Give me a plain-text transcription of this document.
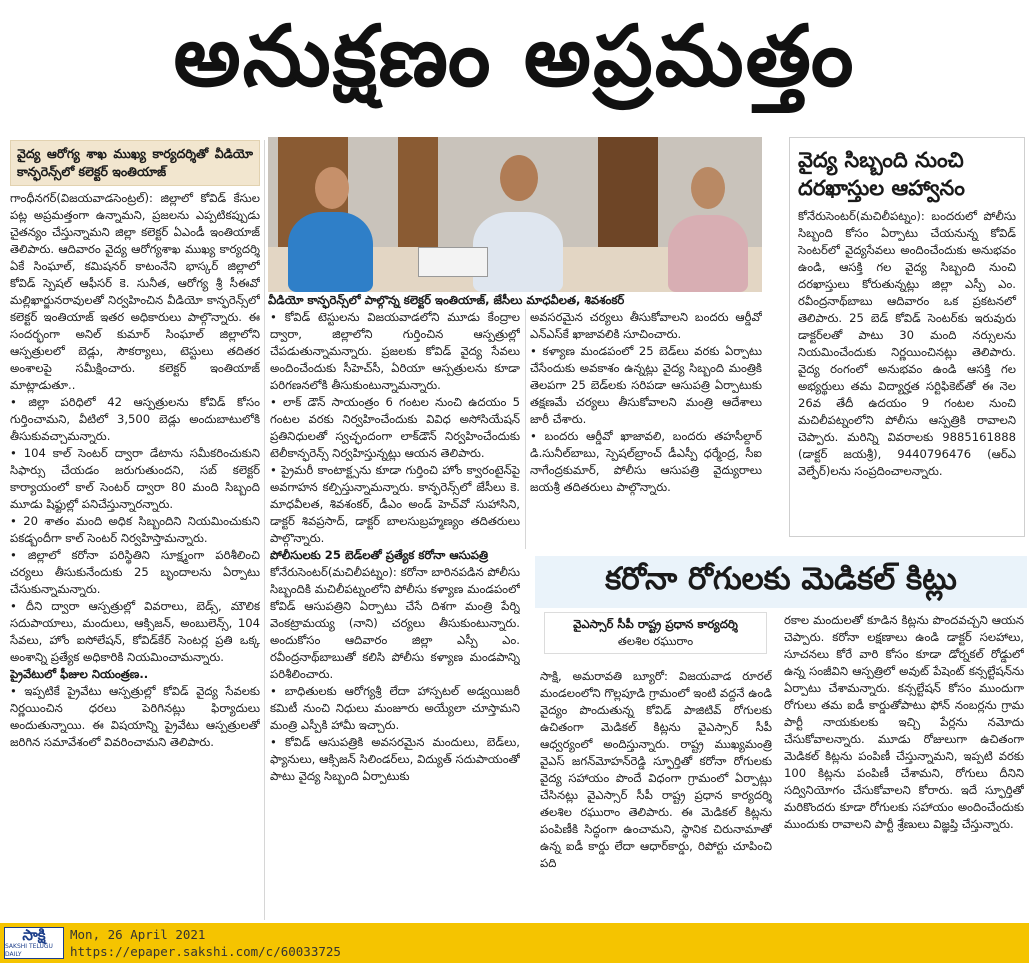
అనుక్షణం అప్రమత్తం
వైద్య ఆరోగ్య శాఖ ముఖ్య కార్యదర్శితో వీడియో కాన్ఫరెన్స్‌లో కలెక్టర్‌ ఇంతియాజ్‌

గాంధీనగర్‌(విజయవాడసెంట్రల్‌): జిల్లాలో కోవిడ్‌ కేసుల పట్ల అప్రమత్తంగా ఉన్నామని, ప్రజలను ఎప్పటికప్పుడు చైతన్యం చేస్తున్నామని జిల్లా కలెక్టర్‌ ఏఎండీ ఇంతియాజ్‌ తెలిపారు. ఆదివారం వైద్య ఆరోగ్యశాఖ ముఖ్య కార్యదర్శి ఏకే సింఘాల్‌, కమిషనర్‌ కాటంనేని భాస్కర్‌ జిల్లాలో కోవిడ్‌ స్పెషల్‌ ఆఫీసర్‌ కె. సునీత, ఆరోగ్య శ్రీ సీఈవో మల్లిఖార్జునరావులతో నిర్వహించిన వీడియో కాన్ఫరెన్స్‌లో కలెక్టర్‌ ఇంతియాజ్‌ ఇతర అధికారులు పాల్గొన్నారు. ఈ సందర్భంగా అనిల్‌ కుమార్‌ సింఘాల్‌ జిల్లాలోని ఆస్పత్రులలో బెడ్లు, సౌకర్యాలు, టెస్టులు తదితర అంశాలపై సమీక్షించారు. కలెక్టర్‌ ఇంతియాజ్‌ మాట్లాడుతూ..

• జిల్లా పరిధిలో 42 ఆస్పత్రులను కోవిడ్‌ కోసం గుర్తించామని, వీటిలో 3,500 బెడ్లు అందుబాటులోకి తీసుకువచ్చామన్నారు.

• 104 కాల్‌ సెంటర్‌ ద్వారా డేటాను సమీకరించుకుని సిఫార్సు చేయడం జరుగుతుందని, సబ్‌ కలెక్టర్‌ కార్యాయంలో కాల్‌ సెంటర్‌ ద్వారా 80 మంది సిబ్బంది మూడు షిఫ్టుల్లో పనిచేస్తున్నారన్నారు.

• 20 శాతం మంది అధిక సిబ్బందిని నియమించుకుని పకడ్బందీగా కాల్‌ సెంటర్‌ నిర్వహిస్తామన్నారు.

• జిల్లాలో కరోనా పరిస్థితిని సూక్ష్మంగా పరిశీలించి చర్యలు తీసుకునేందుకు 25 బృందాలను ఏర్పాటు చేసుకున్నామన్నారు.

• దీని ద్వారా ఆస్పత్రుల్లో వివరాలు, బెడ్స్‌, మౌలిక సదుపాయాలు, మందులు, ఆక్సిజన్‌, అంబులెన్స్‌, 104 సేవలు, హోం ఐసోలేషన్‌, కోవిడ్‌కేర్‌ సెంటర్ల ప్రతి ఒక్క అంశాన్ని ప్రత్యేక అధికారికి నియమించామన్నారు.

ప్రైవేటులో ఫీజుల నియంత్రణ..

• ఇప్పటికే ప్రైవేటు ఆస్పత్రుల్లో కోవిడ్‌ వైద్య సేవలకు నిర్ణయించిన ధరలు పెరిగినట్లు ఫిర్యాదులు అందుతున్నాయి. ఈ విషయాన్ని ప్రైవేటు ఆస్పత్రులతో జరిగిన సమావేశంలో వివరించామని తెలిపారు.

వీడియో కాన్ఫరెన్స్‌లో పాల్గొన్న కలెక్టర్‌ ఇంతియాజ్‌, జేసీలు మాధవీలత, శివశంకర్‌

• కోవిడ్‌ టెస్టులను విజయవాడలోని మూడు కేంద్రాల ద్వారా, జిల్లాలోని గుర్తించిన ఆస్పత్రుల్లో చేపడుతున్నామన్నారు. ప్రజలకు కోవిడ్‌ వైద్య సేవలు అందించేందుకు సీహెచ్‌సీ, ఏరియా ఆస్పత్రులను కూడా పరిగణనలోకి తీసుకుంటున్నామన్నారు.

• లాక్‌ డౌన్‌ సాయంత్రం 6 గంటల నుంచి ఉదయం 5 గంటల వరకు నిర్వహించేందుకు వివిధ అసోసియేషన్‌ ప్రతినిధులతో స్వచ్ఛందంగా లాక్‌డౌన్‌ నిర్వహించేందుకు టెలీకాన్ఫరెన్స్‌ నిర్వహిస్తున్నట్లు ఆయన తెలిపారు.

• ప్రైమరీ కాంటాక్ట్సను కూడా గుర్తించి హోం క్వారంటైన్‌పై అవగాహన కల్పిస్తున్నామన్నారు. కాన్ఫరెన్స్‌లో జేసీలు కె. మాధవీలత, శివశంకర్‌, డీఎం అండ్‌ హెచ్‌వో సుహాసిని, డాక్టర్‌ శివప్రసాద్‌, డాక్టర్‌ బాలసుబ్రహ్మణ్యం తదితరులు పాల్గొన్నారు.

పోలీసులకు 25 బెడ్‌లతో ప్రత్యేక కరోనా ఆసుపత్రి

కోనేరుసెంటర్‌(మచిలీపట్నం): కరోనా బారినపడిన పోలీసు సిబ్బందికి మచిలీపట్నంలోని పోలీసు కళ్యాణ మండపంలో కోవిడ్‌ ఆసుపత్రిని ఏర్పాటు చేసే దిశగా మంత్రి పేర్ని వెంకట్రామయ్య (నాని) చర్యలు తీసుకుంటున్నారు. అందుకోసం ఆదివారం జిల్లా ఎస్పీ ఎం. రవీంద్రనాథ్‌బాబుతో కలిసి పోలీసు కళ్యాణ మండపాన్ని పరిశీలించారు.

• బాధితులకు ఆరోగ్యశ్రీ లేదా హాస్పటల్‌ అడ్వయిజరీ కమిటీ నుంచి నిధులు మంజూరు అయ్యేలా చూస్తామని మంత్రి ఎస్పీకి హామీ ఇచ్చారు.

• కోవిడ్‌ ఆసుపత్రికి అవసరమైన మందులు, బెడ్‌లు, ఫ్యానులు, ఆక్సిజన్‌ సిలిండర్‌లు, విద్యుత్‌ సదుపాయంతో పాటు వైద్య సిబ్బంది ఏర్పాటుకు

అవసరమైన చర్యలు తీసుకోవాలని బందరు ఆర్డీవో ఎన్‌ఎస్‌కే ఖాజావలికి సూచించారు.

• కళ్యాణ మండపంలో 25 బెడ్‌లు వరకు ఏర్పాటు చేసేందుకు అవకాశం ఉన్నట్లు వైద్య సిబ్బంది మంత్రికి తెలపగా 25 బెడ్‌లకు సరిపడా ఆసుపత్రి ఏర్పాటుకు తక్షణమే చర్యలు తీసుకోవాలని మంత్రి ఆదేశాలు జారీ చేశారు.

• బందరు ఆర్డీవో ఖాజావలి, బందరు తహసీల్దార్‌ డి.సునీల్‌బాబు, స్పెషల్‌బ్రాంచ్‌ డీఎస్పీ ధర్మేంద్ర, సీఐ నాగేంద్రకుమార్‌, పోలీసు ఆసుపత్రి వైద్యురాలు జయశ్రీ తదితరులు పాల్గొన్నారు.

వైద్య సిబ్బంది నుంచి దరఖాస్తుల ఆహ్వానం
కోనేరుసెంటర్‌(మచిలీపట్నం): బందరులో పోలీసు సిబ్బంది కోసం ఏర్పాటు చేయనున్న కోవిడ్‌ సెంటర్‌లో వైద్యసేవలు అందించేందుకు అనుభవం ఉండి, ఆసక్తి గల వైద్య సిబ్బంది నుంచి దరఖాస్తులు కోరుతున్నట్లు జిల్లా ఎస్పీ ఎం. రవీంద్రనాథ్‌బాబు ఆదివారం ఒక ప్రకటనలో తెలిపారు. 25 బెడ్‌ కోవిడ్‌ సెంటర్‌కు ఇరువురు డాక్టర్‌లతో పాటు 30 మంది నర్సులను నియమించేందుకు నిర్ణయించినట్లు తెలిపారు. వైద్య రంగంలో అనుభవం ఉండి ఆసక్తి గల అభ్యర్థులు తమ విద్యార్హత సర్టిఫికెట్‌తో ఈ నెల 26వ తేదీ ఉదయం 9 గంటల నుంచి మచిలీపట్నంలోని పోలీసు ఆస్పత్రికి రావాలని చెప్పారు. మరిన్ని వివరాలకు 9885161888 (డాక్టర్‌ జయశ్రీ), 9440796476 (ఆర్‌ఎ వెల్ఫేర్‌)లను సంప్రదించాలన్నారు.
కరోనా రోగులకు మెడికల్‌ కిట్లు
వైఎస్సార్‌ సీపీ రాష్ట్ర ప్రధాన కార్యదర్శి
తలశిల రఘురాం

సాక్షి, అమరావతి బ్యూరో: విజయవాడ రూరల్‌ మండలంలోని గొల్లపూడి గ్రామంలో ఇంటి వద్దనే ఉండి వైద్యం పొందుతున్న కోవిడ్‌ పాజిటివ్‌ రోగులకు ఉచితంగా మెడికల్‌ కిట్లను వైఎస్సార్‌ సీపీ ఆధ్వర్యంలో అందిస్తున్నారు. రాష్ట్ర ముఖ్యమంత్రి వైఎస్‌ జగన్‌మోహన్‌రెడ్డి స్ఫూర్తితో కరోనా రోగులకు వైద్య సహాయం పొందే విధంగా గ్రామంలో ఏర్పాట్లు చేసినట్లు వైఎస్సార్‌ సీపీ రాష్ట్ర ప్రధాన కార్యదర్శి తలశిల రఘురాం తెలిపారు. ఈ మెడికల్‌ కిట్లను పంపిణీకి సిద్ధంగా ఉంచామని, స్థానిక చిరునామాతో ఉన్న ఐడీ కార్డు లేదా ఆధార్‌కార్డు, రిపోర్టు చూపించి పది

రకాల మందులతో కూడిన కిట్లను పొందవచ్చని ఆయన చెప్పారు. కరోనా లక్షణాలు ఉండి డాక్టర్‌ సలహాలు, సూచనలు కోరే వారి కోసం కూడా డోర్నకల్‌ రోడ్డులో ఉన్న సంజీవిని ఆస్పత్రిలో అవుట్‌ పేషెంట్‌ కన్సల్టేషన్‌ను ఏర్పాటు చేశామన్నారు. కన్సల్టేషన్‌ కోసం ముందుగా రోగులు తమ ఐడీ కార్డుతోపాటు ఫోన్‌ నంబర్లను గ్రామ పార్టీ నాయకులకు ఇచ్చి పేర్లను నమోదు చేసుకోవాలన్నారు. మూడు రోజులుగా ఉచితంగా మెడికల్‌ కిట్లను పంపిణీ చేస్తున్నామని, ఇప్పటి వరకు 100 కిట్లను పంపిణీ చేశామని, రోగులు దీనిని సద్వినియోగం చేసుకోవాలని కోరారు. ఇదే స్ఫూర్తితో మరికొందరు కూడా రోగులకు సహాయం అందించేందుకు ముందుకు రావాలని పార్టీ శ్రేణులు విజ్ఞప్తి చేస్తున్నారు.

సాక్షి
SAKSHI TELUGU DAILY
Mon, 26 April 2021
https://epaper.sakshi.com/c/60033725
